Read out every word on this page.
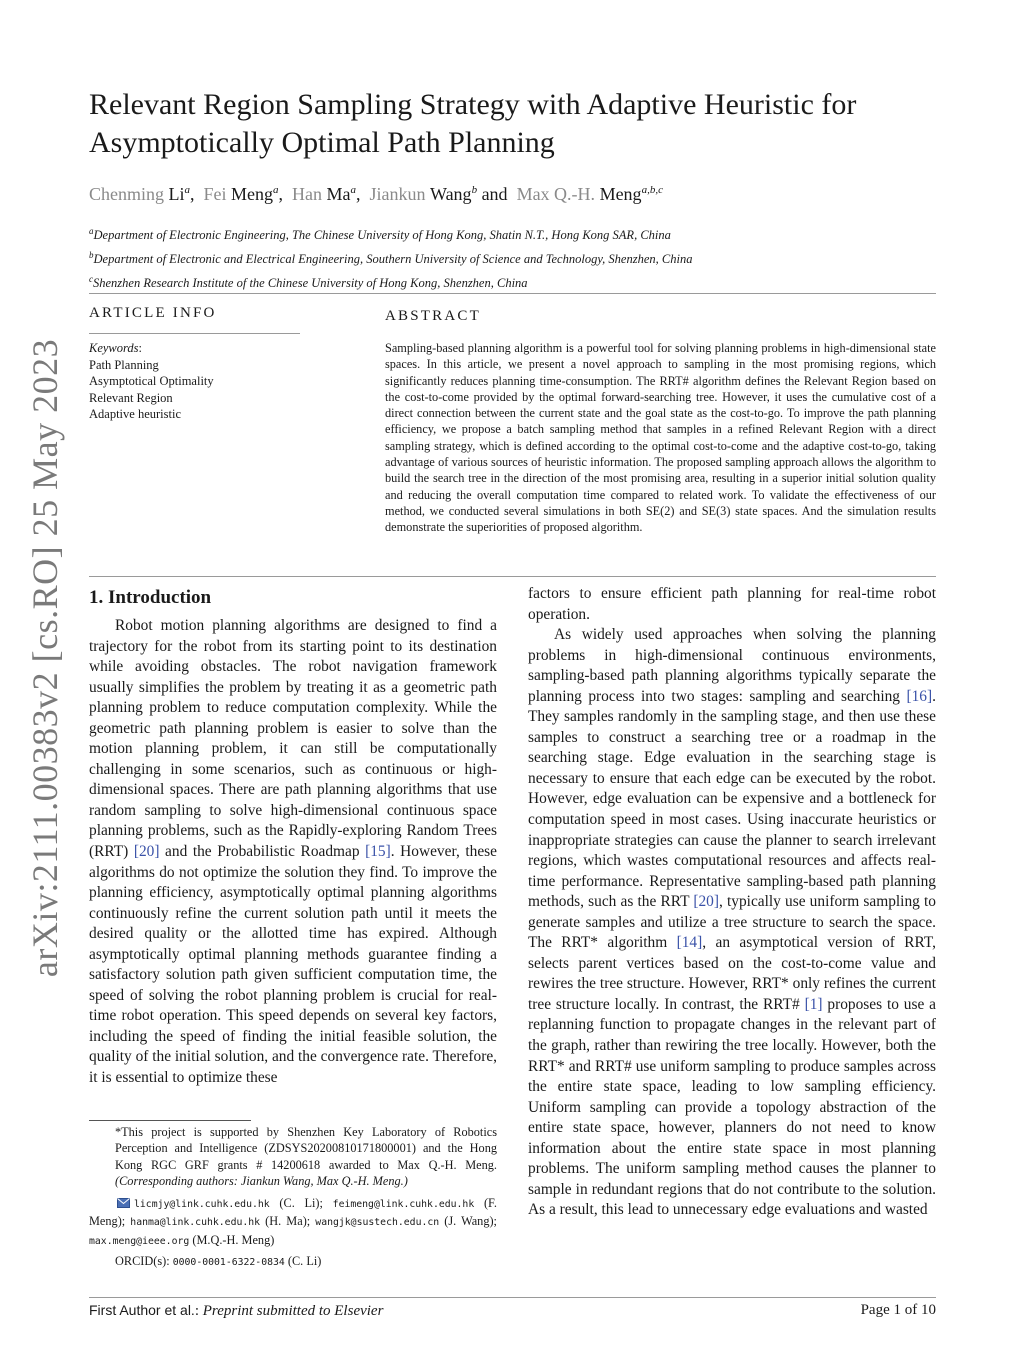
arXiv:2111.00383v2 [cs.RO] 25 May 2023
Relevant Region Sampling Strategy with Adaptive Heuristic for Asymptotically Optimal Path Planning
Chenming Li$^a$,  Fei Meng$^a$,  Han Ma$^a$,  Jiankun Wang$^b$ and  Max Q.-H. Meng$^{a,b,c}$
$^a$Department of Electronic Engineering, The Chinese University of Hong Kong, Shatin N.T., Hong Kong SAR, China
$^b$Department of Electronic and Electrical Engineering, Southern University of Science and Technology, Shenzhen, China
$^c$Shenzhen Research Institute of the Chinese University of Hong Kong, Shenzhen, China
ARTICLE INFO
Keywords:
Path Planning
Asymptotical Optimality
Relevant Region
Adaptive heuristic
ABSTRACT

Sampling-based planning algorithm is a powerful tool for solving planning problems in high-dimensional state spaces. In this article, we present a novel approach to sampling in the most promising regions, which significantly reduces planning time-consumption. The RRT# algorithm defines the Relevant Region based on the cost-to-come provided by the optimal forward-searching tree. However, it uses the cumulative cost of a direct connection between the current state and the goal state as the cost-to-go. To improve the path planning efficiency, we propose a batch sampling method that samples in a refined Relevant Region with a direct sampling strategy, which is defined according to the optimal cost-to-come and the adaptive cost-to-go, taking advantage of various sources of heuristic information. The proposed sampling approach allows the algorithm to build the search tree in the direction of the most promising area, resulting in a superior initial solution quality and reducing the overall computation time compared to related work. To validate the effectiveness of our method, we conducted several simulations in both SE(2) and SE(3) state spaces. And the simulation results demonstrate the superiorities of proposed algorithm.

1. Introduction

Robot motion planning algorithms are designed to find a trajectory for the robot from its starting point to its destination while avoiding obstacles. The robot navigation framework usually simplifies the problem by treating it as a geometric path planning problem to reduce computation complexity. While the geometric path planning problem is easier to solve than the motion planning problem, it can still be computationally challenging in some scenarios, such as continuous or high-dimensional spaces. There are path planning algorithms that use random sampling to solve high-dimensional continuous space planning problems, such as the Rapidly-exploring Random Trees (RRT) [20] and the Probabilistic Roadmap [15]. However, these algorithms do not optimize the solution they find. To improve the planning efficiency, asymptotically optimal planning algorithms continuously refine the current solution path until it meets the desired quality or the allotted time has expired. Although asymptotically optimal planning methods guarantee finding a satisfactory solution path given sufficient computation time, the speed of solving the robot planning problem is crucial for real-time robot operation. This speed depends on several key factors, including the speed of finding the initial feasible solution, the quality of the initial solution, and the convergence rate. Therefore, it is essential to optimize these

factors to ensure efficient path planning for real-time robot operation.

As widely used approaches when solving the planning problems in high-dimensional continuous environments, sampling-based path planning algorithms typically separate the planning process into two stages: sampling and searching [16]. They samples randomly in the sampling stage, and then use these samples to construct a searching tree or a roadmap in the searching stage. Edge evaluation in the searching stage is necessary to ensure that each edge can be executed by the robot. However, edge evaluation can be expensive and a bottleneck for computation speed in most cases. Using inaccurate heuristics or inappropriate strategies can cause the planner to search irrelevant regions, which wastes computational resources and affects real-time performance. Representative sampling-based path planning methods, such as the RRT [20], typically use uniform sampling to generate samples and utilize a tree structure to search the space. The RRT* algorithm [14], an asymptotical version of RRT, selects parent vertices based on the cost-to-come value and rewires the tree structure. However, RRT* only refines the current tree structure locally. In contrast, the RRT# [1] proposes to use a replanning function to propagate changes in the relevant part of the graph, rather than rewiring the tree locally. However, both the RRT* and RRT# use uniform sampling to produce samples across the entire state space, leading to low sampling efficiency. Uniform sampling can provide a topology abstraction of the entire state space, however, planners do not need to know information about the entire state space in most planning problems. The uniform sampling method causes the planner to sample in redundant regions that do not contribute to the solution. As a result, this lead to unnecessary edge evaluations and wasted

*This project is supported by Shenzhen Key Laboratory of Robotics Perception and Intelligence (ZDSYS20200810171800001) and the Hong Kong RGC GRF grants # 14200618 awarded to Max Q.-H. Meng. (Corresponding authors: Jiankun Wang, Max Q.-H. Meng.)

licmjy@link.cuhk.edu.hk (C. Li); feimeng@link.cuhk.edu.hk (F. Meng); hanma@link.cuhk.edu.hk (H. Ma); wangjk@sustech.edu.cn (J. Wang); max.meng@ieee.org (M.Q.-H. Meng)

ORCID(s): 0000-0001-6322-0834 (C. Li)

First Author et al.: Preprint submitted to Elsevier	Page 1 of 10
